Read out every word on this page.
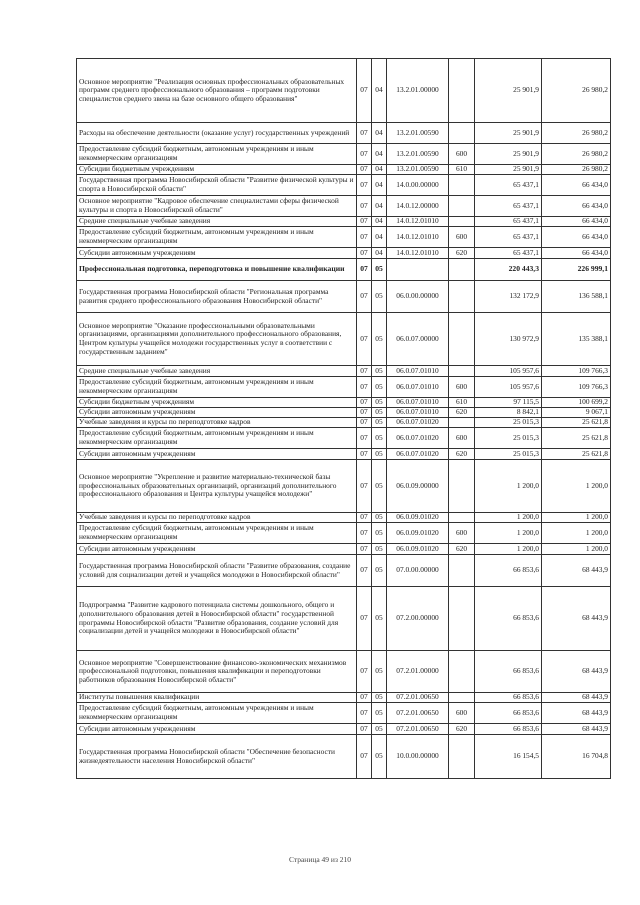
Основное мероприятие "Реализация основных профессиональных образовательных программ среднего профессионального образования – программ подготовки специалистов среднего звена на базе основного общего образования"	07	04	13.2.01.00000		25 901,9	26 980,2
Расходы на обеспечение деятельности (оказание услуг) государственных учреждений	07	04	13.2.01.00590		25 901,9	26 980,2
Предоставление субсидий бюджетным, автономным учреждениям и иным некоммерческим организациям	07	04	13.2.01.00590	600	25 901,9	26 980,2
Субсидии бюджетным учреждениям	07	04	13.2.01.00590	610	25 901,9	26 980,2
Государственная программа Новосибирской области "Развитие физической культуры и спорта в Новосибирской области"	07	04	14.0.00.00000		65 437,1	66 434,0
Основное мероприятие "Кадровое обеспечение специалистами сферы физической культуры и спорта в Новосибирской области"	07	04	14.0.12.00000		65 437,1	66 434,0
Средние специальные учебные заведения	07	04	14.0.12.01010		65 437,1	66 434,0
Предоставление субсидий бюджетным, автономным учреждениям и иным некоммерческим организациям	07	04	14.0.12.01010	600	65 437,1	66 434,0
Субсидии автономным учреждениям	07	04	14.0.12.01010	620	65 437,1	66 434,0
Профессиональная подготовка, переподготовка и повышение квалификации	07	05			220 443,3	226 999,1
Государственная программа Новосибирской области "Региональная программа развития среднего профессионального образования Новосибирской области"	07	05	06.0.00.00000		132 172,9	136 588,1
Основное мероприятие "Оказание профессиональными образовательными организациями, организациями дополнительного профессионального образования, Центром культуры учащейся молодежи государственных услуг в соответствии с государственным заданием"	07	05	06.0.07.00000		130 972,9	135 388,1
Средние специальные учебные заведения	07	05	06.0.07.01010		105 957,6	109 766,3
Предоставление субсидий бюджетным, автономным учреждениям и иным некоммерческим организациям	07	05	06.0.07.01010	600	105 957,6	109 766,3
Субсидии бюджетным учреждениям	07	05	06.0.07.01010	610	97 115,5	100 699,2
Субсидии автономным учреждениям	07	05	06.0.07.01010	620	8 842,1	9 067,1
Учебные заведения и курсы по переподготовке кадров	07	05	06.0.07.01020		25 015,3	25 621,8
Предоставление субсидий бюджетным, автономным учреждениям и иным некоммерческим организациям	07	05	06.0.07.01020	600	25 015,3	25 621,8
Субсидии автономным учреждениям	07	05	06.0.07.01020	620	25 015,3	25 621,8
Основное мероприятие "Укрепление и развитие материально-технической базы профессиональных образовательных организаций, организаций дополнительного профессионального образования и Центра культуры учащейся молодежи"	07	05	06.0.09.00000		1 200,0	1 200,0
Учебные заведения и курсы по переподготовке кадров	07	05	06.0.09.01020		1 200,0	1 200,0
Предоставление субсидий бюджетным, автономным учреждениям и иным некоммерческим организациям	07	05	06.0.09.01020	600	1 200,0	1 200,0
Субсидии автономным учреждениям	07	05	06.0.09.01020	620	1 200,0	1 200,0
Государственная программа Новосибирской области "Развитие образования, создание условий для социализации детей и учащейся молодежи в Новосибирской области"	07	05	07.0.00.00000		66 853,6	68 443,9
Подпрограмма "Развитие кадрового потенциала системы дошкольного, общего и дополнительного образования детей в Новосибирской области" государственной программы Новосибирской области "Развитие образования, создание условий для социализации детей и учащейся молодежи в Новосибирской области"	07	05	07.2.00.00000		66 853,6	68 443,9
Основное мероприятие "Совершенствование финансово-экономических механизмов профессиональной подготовки, повышения квалификации и переподготовки работников образования Новосибирской области"	07	05	07.2.01.00000		66 853,6	68 443,9
Институты повышения квалификации	07	05	07.2.01.00650		66 853,6	68 443,9
Предоставление субсидий бюджетным, автономным учреждениям и иным некоммерческим организациям	07	05	07.2.01.00650	600	66 853,6	68 443,9
Субсидии автономным учреждениям	07	05	07.2.01.00650	620	66 853,6	68 443,9
Государственная программа Новосибирской области "Обеспечение безопасности жизнедеятельности населения Новосибирской области"	07	05	10.0.00.00000		16 154,5	16 704,8
Страница 49 из 210
